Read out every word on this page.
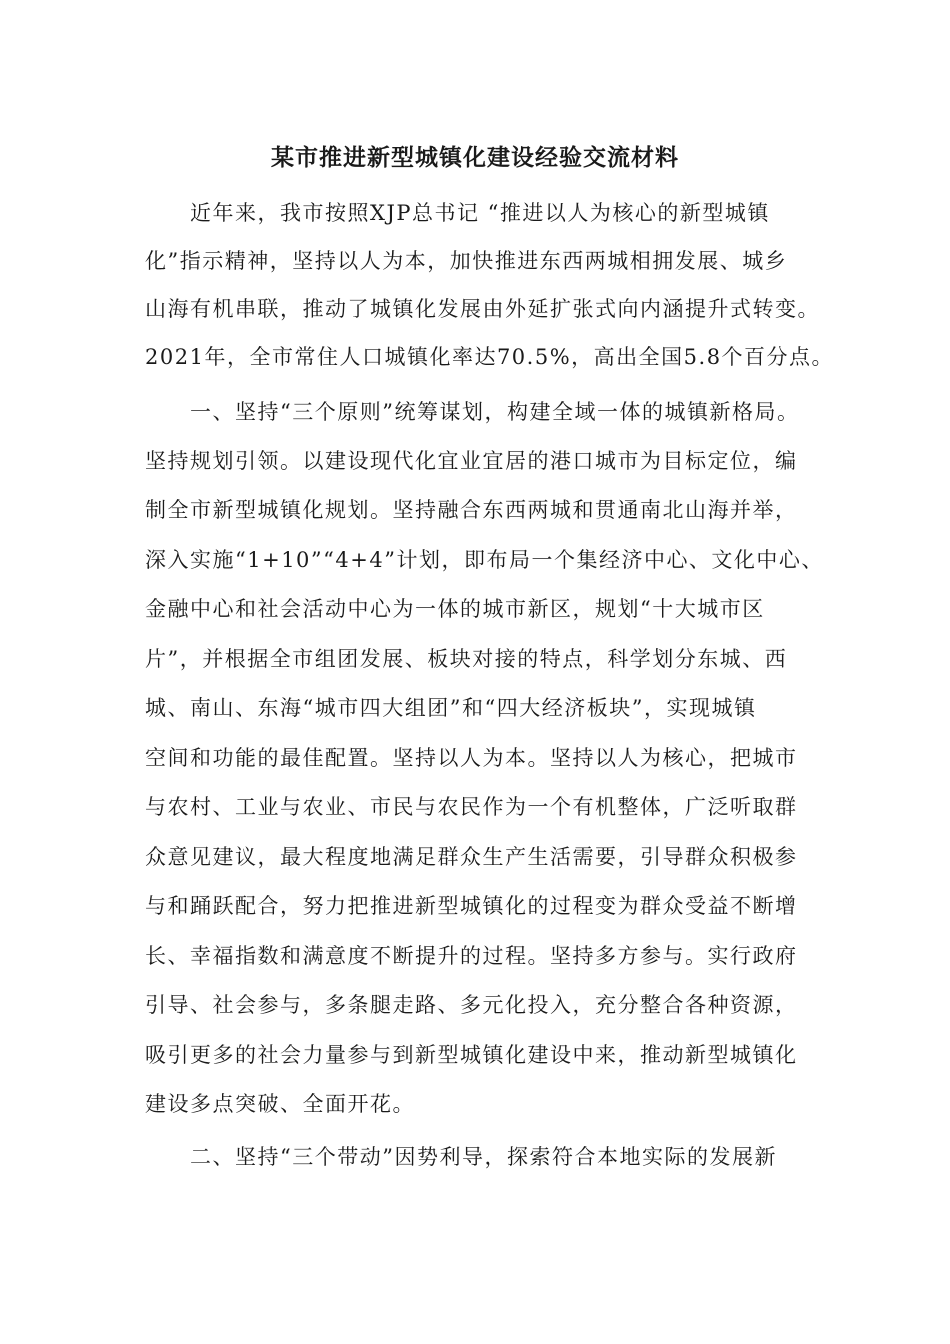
某市推进新型城镇化建设经验交流材料
　　近年来，我市按照XJP总书记 “推进以人为核心的新型城镇
化”指示精神，坚持以人为本，加快推进东西两城相拥发展、城乡
山海有机串联，推动了城镇化发展由外延扩张式向内涵提升式转变。
2021年，全市常住人口城镇化率达70.5%，高出全国5.8个百分点。
　　一、坚持“三个原则”统筹谋划，构建全域一体的城镇新格局。
坚持规划引领。以建设现代化宜业宜居的港口城市为目标定位，编
制全市新型城镇化规划。坚持融合东西两城和贯通南北山海并举，
深入实施“1+10”“4+4”计划，即布局一个集经济中心、文化中心、
金融中心和社会活动中心为一体的城市新区，规划“十大城市区
片”，并根据全市组团发展、板块对接的特点，科学划分东城、西
城、南山、东海“城市四大组团”和“四大经济板块”，实现城镇
空间和功能的最佳配置。坚持以人为本。坚持以人为核心，把城市
与农村、工业与农业、市民与农民作为一个有机整体，广泛听取群
众意见建议，最大程度地满足群众生产生活需要，引导群众积极参
与和踊跃配合，努力把推进新型城镇化的过程变为群众受益不断增
长、幸福指数和满意度不断提升的过程。坚持多方参与。实行政府
引导、社会参与，多条腿走路、多元化投入，充分整合各种资源，
吸引更多的社会力量参与到新型城镇化建设中来，推动新型城镇化
建设多点突破、全面开花。
　　二、坚持“三个带动”因势利导，探索符合本地实际的发展新
